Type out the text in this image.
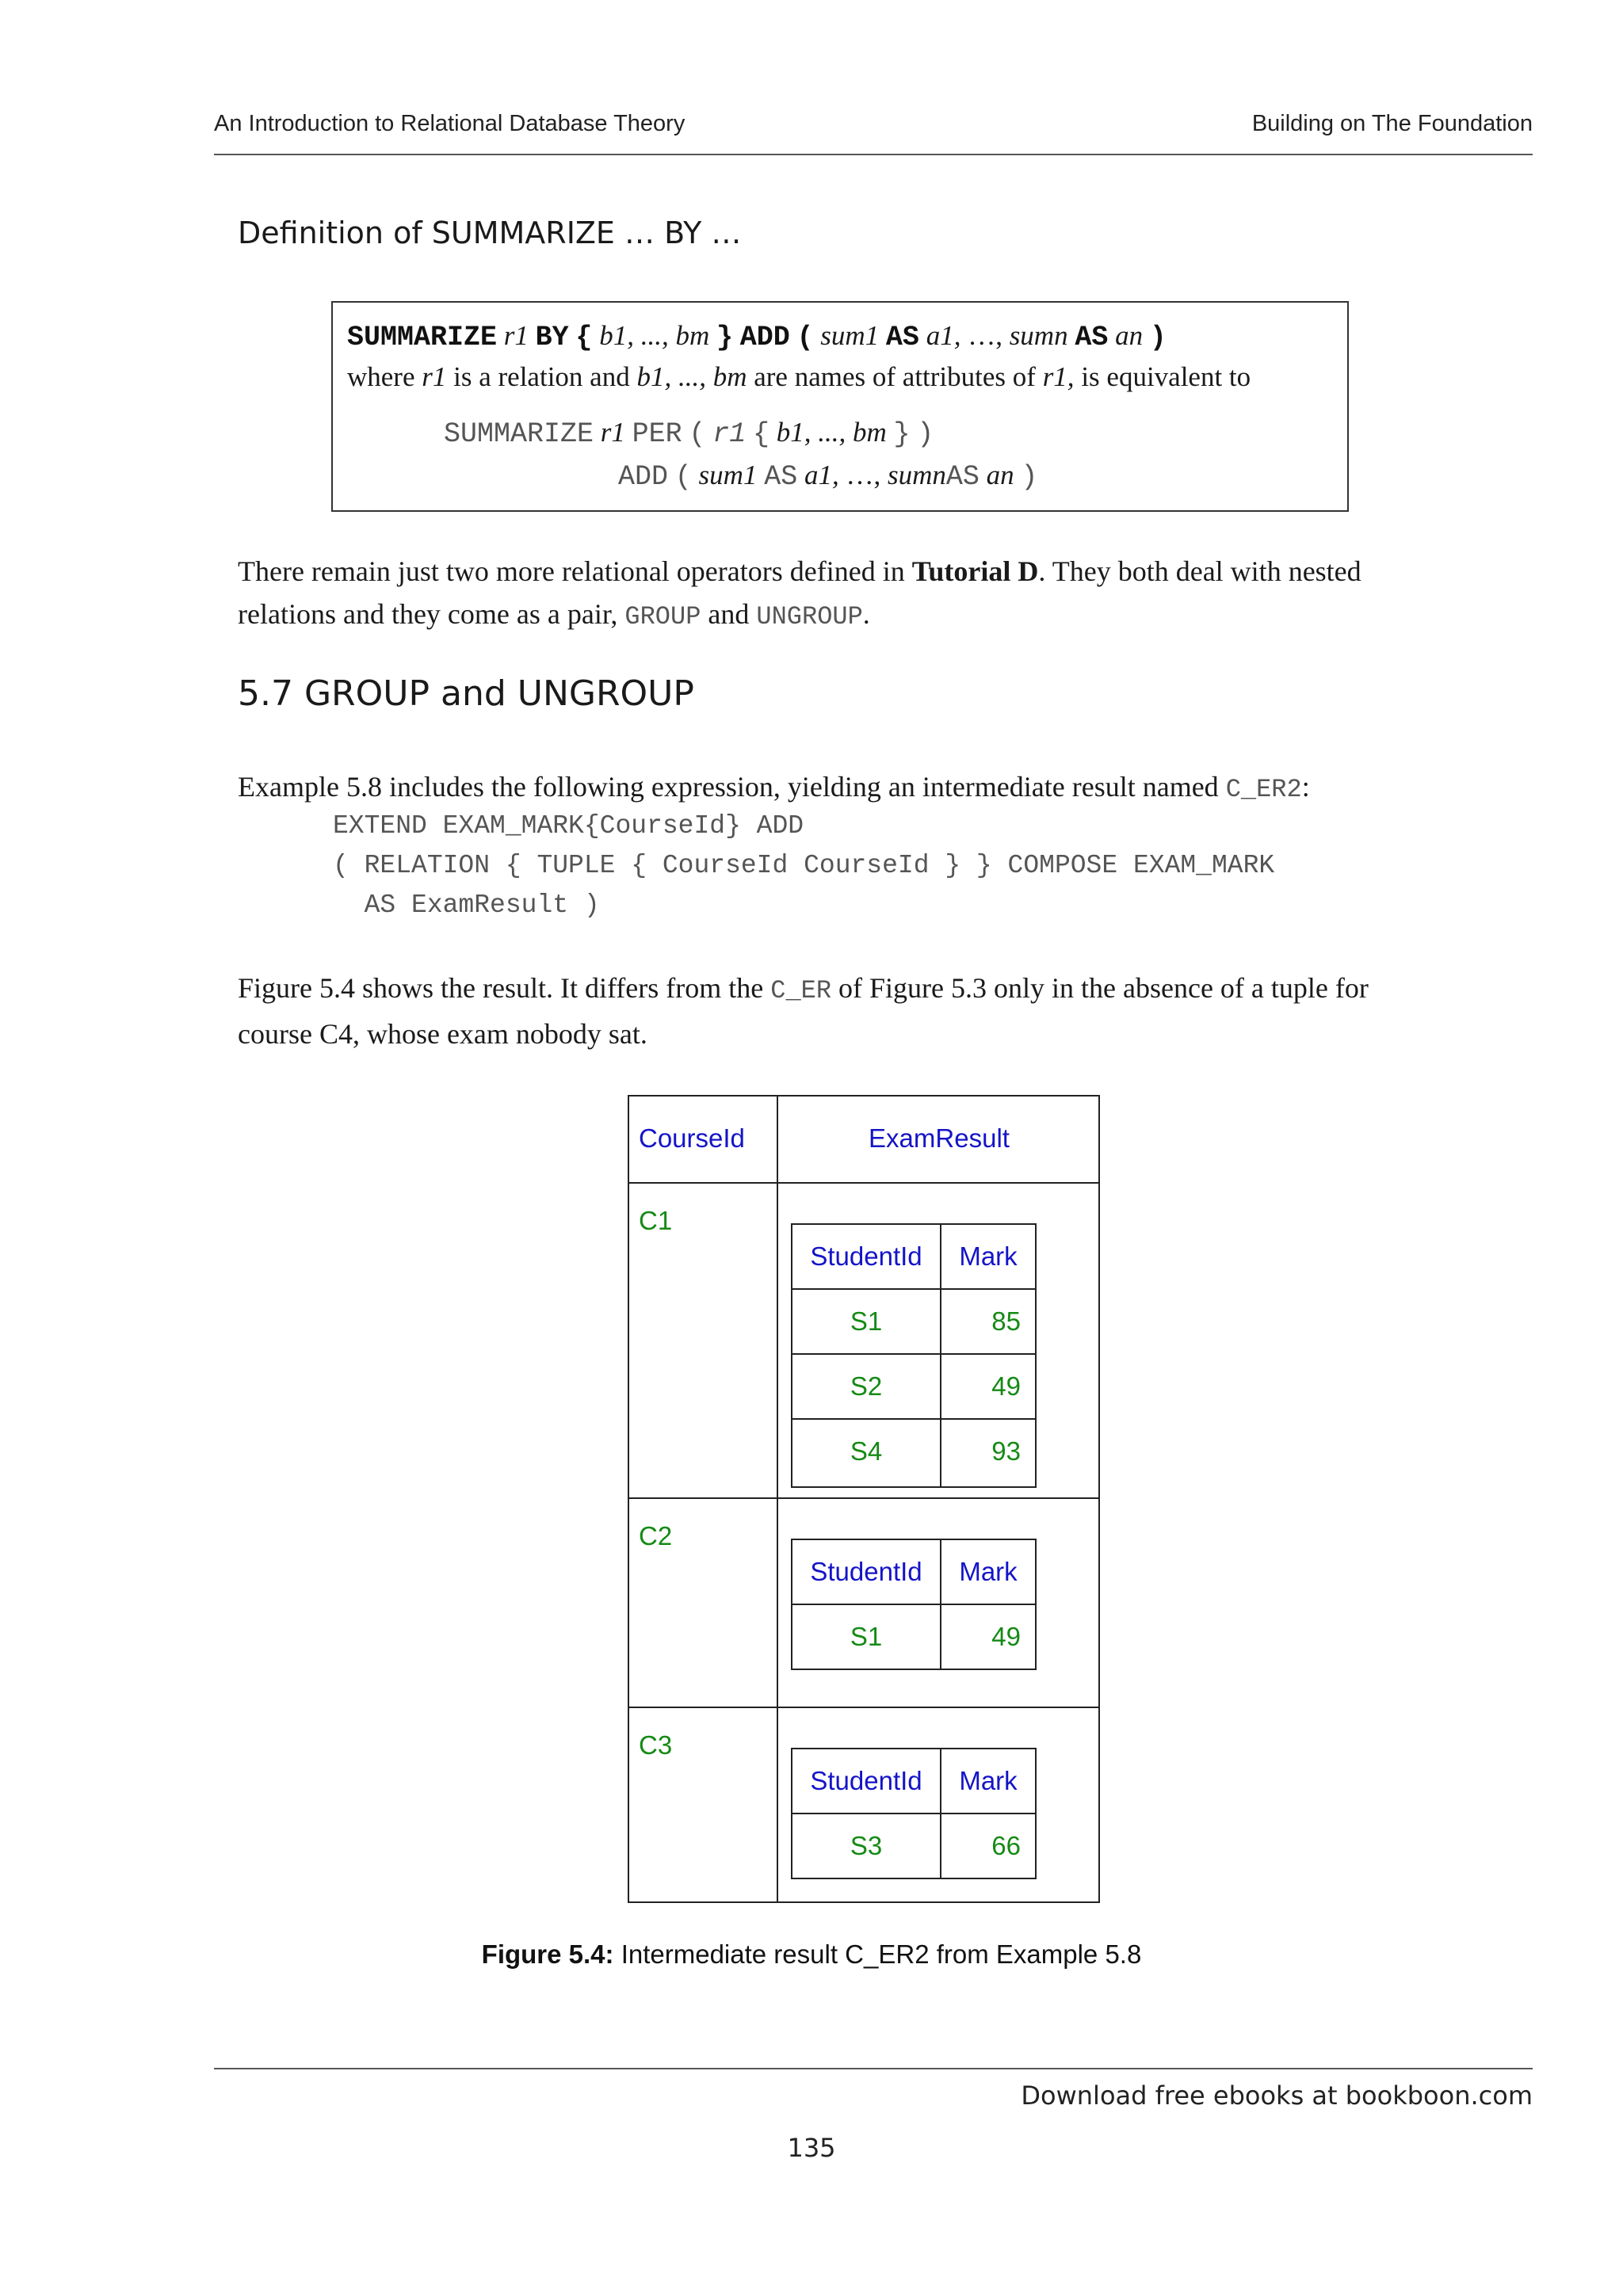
An Introduction to Relational Database Theory	Building on The Foundation
Definition of SUMMARIZE … BY …
SUMMARIZE r1 BY { b1, ..., bm } ADD ( sum1 AS a1, …, sumn AS an )
where r1 is a relation and b1, ..., bm are names of attributes of r1, is equivalent to
SUMMARIZE r1 PER ( r1 { b1, ..., bm } )
ADD ( sum1 AS a1, …, sumnAS an )
There remain just two more relational operators defined in Tutorial D. They both deal with nested
relations and they come as a pair, GROUP and UNGROUP.
5.7 GROUP and UNGROUP
Example 5.8 includes the following expression, yielding an intermediate result named C_ER2:
EXTEND EXAM_MARK{CourseId} ADD
( RELATION { TUPLE { CourseId CourseId } } COMPOSE EXAM_MARK
AS ExamResult )
Figure 5.4 shows the result. It differs from the C_ER of Figure 5.3 only in the absence of a tuple for
course C4, whose exam nobody sat.
CourseId	ExamResult
C1
StudentId	Mark
S1	85
S2	49
S4	93
C2
StudentId	Mark
S1	49
C3
StudentId	Mark
S3	66
Figure 5.4: Intermediate result C_ER2 from Example 5.8
Download free ebooks at bookboon.com
135
